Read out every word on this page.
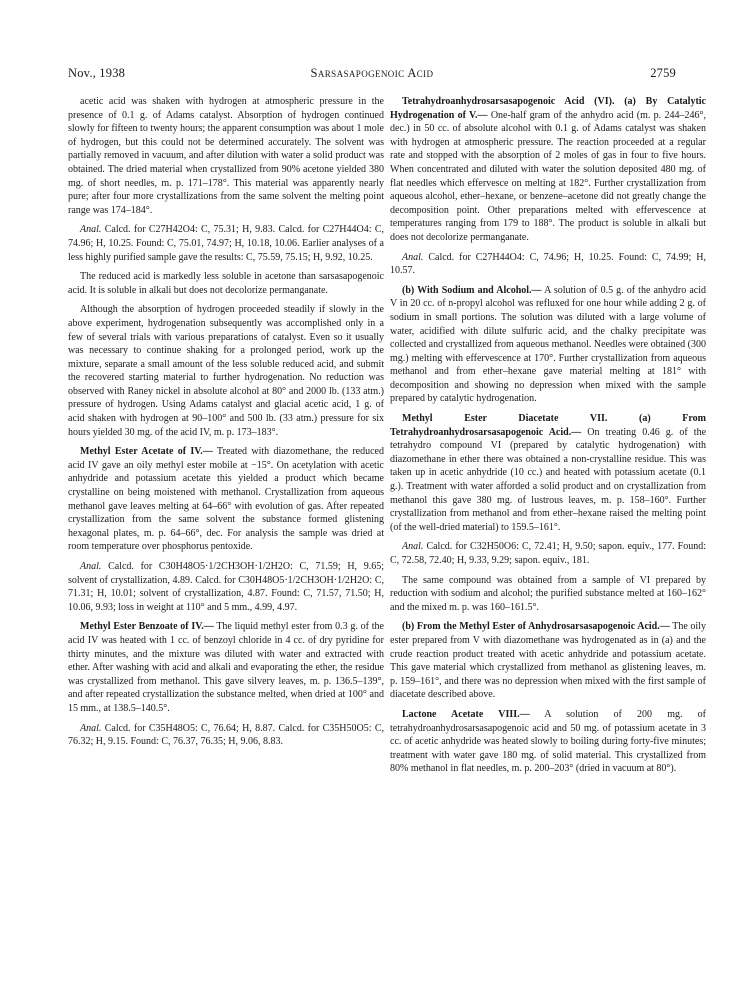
Nov., 1938	Sarsasapogenoic Acid	2759

acetic acid was shaken with hydrogen at atmospheric pressure in the presence of 0.1 g. of Adams catalyst. Absorption of hydrogen continued slowly for fifteen to twenty hours; the apparent consumption was about 1 mole of hydrogen, but this could not be determined accurately. The solvent was partially removed in vacuum, and after dilution with water a solid product was obtained. The dried material when crystallized from 90% acetone yielded 380 mg. of short needles, m. p. 171–178°. This material was apparently nearly pure; after four more crystallizations from the same solvent the melting point range was 174–184°.

Anal. Calcd. for C27H42O4: C, 75.31; H, 9.83. Calcd. for C27H44O4: C, 74.96; H, 10.25. Found: C, 75.01, 74.97; H, 10.18, 10.06. Earlier analyses of a less highly purified sample gave the results: C, 75.59, 75.15; H, 9.92, 10.25.

The reduced acid is markedly less soluble in acetone than sarsasapogenoic acid. It is soluble in alkali but does not decolorize permanganate.

Although the absorption of hydrogen proceeded steadily if slowly in the above experiment, hydrogenation subsequently was accomplished only in a few of several trials with various preparations of catalyst. Even so it usually was necessary to continue shaking for a prolonged period, work up the mixture, separate a small amount of the less soluble reduced acid, and submit the recovered starting material to further hydrogenation. No reduction was observed with Raney nickel in absolute alcohol at 80° and 2000 lb. (133 atm.) pressure of hydrogen. Using Adams catalyst and glacial acetic acid, 1 g. of acid shaken with hydrogen at 90–100° and 500 lb. (33 atm.) pressure for six hours yielded 30 mg. of the acid IV, m. p. 173–183°.

Methyl Ester Acetate of IV.— Treated with diazomethane, the reduced acid IV gave an oily methyl ester mobile at −15°. On acetylation with acetic anhydride and potassium acetate this yielded a product which became crystalline on being moistened with methanol. Crystallization from aqueous methanol gave leaves melting at 64–66° with evolution of gas. After repeated crystallization from the same solvent the substance formed glistening hexagonal plates, m. p. 64–66°, dec. For analysis the sample was dried at room temperature over phosphorus pentoxide.

Anal. Calcd. for C30H48O5·1/2CH3OH·1/2H2O: C, 71.59; H, 9.65; solvent of crystallization, 4.89. Calcd. for C30H48O5·1/2CH3OH·1/2H2O: C, 71.31; H, 10.01; solvent of crystallization, 4.87. Found: C, 71.57, 71.50; H, 10.06, 9.93; loss in weight at 110° and 5 mm., 4.99, 4.97.

Methyl Ester Benzoate of IV.— The liquid methyl ester from 0.3 g. of the acid IV was heated with 1 cc. of benzoyl chloride in 4 cc. of dry pyridine for thirty minutes, and the mixture was diluted with water and extracted with ether. After washing with acid and alkali and evaporating the ether, the residue was crystallized from methanol. This gave silvery leaves, m. p. 136.5–139°, and after repeated crystallization the substance melted, when dried at 100° and 15 mm., at 138.5–140.5°.

Anal. Calcd. for C35H48O5: C, 76.64; H, 8.87. Calcd. for C35H50O5: C, 76.32; H, 9.15. Found: C, 76.37, 76.35; H, 9.06, 8.83.

Tetrahydroanhydrosarsasapogenoic Acid (VI). (a) By Catalytic Hydrogenation of V.— One-half gram of the anhydro acid (m. p. 244–246°, dec.) in 50 cc. of absolute alcohol with 0.1 g. of Adams catalyst was shaken with hydrogen at atmospheric pressure. The reaction proceeded at a regular rate and stopped with the absorption of 2 moles of gas in four to five hours. When concentrated and diluted with water the solution deposited 480 mg. of flat needles which effervesce on melting at 182°. Further crystallization from aqueous alcohol, ether–hexane, or benzene–acetone did not greatly change the decomposition point. Other preparations melted with effervescence at temperatures ranging from 179 to 188°. The product is soluble in alkali but does not decolorize permanganate.

Anal. Calcd. for C27H44O4: C, 74.96; H, 10.25. Found: C, 74.99; H, 10.57.

(b) With Sodium and Alcohol.— A solution of 0.5 g. of the anhydro acid V in 20 cc. of n-propyl alcohol was refluxed for one hour while adding 2 g. of sodium in small portions. The solution was diluted with a large volume of water, acidified with dilute sulfuric acid, and the chalky precipitate was collected and crystallized from aqueous methanol. Needles were obtained (300 mg.) melting with effervescence at 170°. Further crystallization from aqueous methanol and from ether–hexane gave material melting at 181° with decomposition and showing no depression when mixed with the sample prepared by catalytic hydrogenation.

Methyl Ester Diacetate VII. (a) From Tetrahydroanhydrosarsasapogenoic Acid.— On treating 0.46 g. of the tetrahydro compound VI (prepared by catalytic hydrogenation) with diazomethane in ether there was obtained a non-crystalline residue. This was taken up in acetic anhydride (10 cc.) and heated with potassium acetate (0.1 g.). Treatment with water afforded a solid product and on crystallization from methanol this gave 380 mg. of lustrous leaves, m. p. 158–160°. Further crystallization from methanol and from ether–hexane raised the melting point (of the well-dried material) to 159.5–161°.

Anal. Calcd. for C32H50O6: C, 72.41; H, 9.50; sapon. equiv., 177. Found: C, 72.58, 72.40; H, 9.33, 9.29; sapon. equiv., 181.

The same compound was obtained from a sample of VI prepared by reduction with sodium and alcohol; the purified substance melted at 160–162° and the mixed m. p. was 160–161.5°.

(b) From the Methyl Ester of Anhydrosarsasapogenoic Acid.— The oily ester prepared from V with diazomethane was hydrogenated as in (a) and the crude reaction product treated with acetic anhydride and potassium acetate. This gave material which crystallized from methanol as glistening leaves, m. p. 159–161°, and there was no depression when mixed with the first sample of diacetate described above.

Lactone Acetate VIII.— A solution of 200 mg. of tetrahydroanhydrosarsasapogenoic acid and 50 mg. of potassium acetate in 3 cc. of acetic anhydride was heated slowly to boiling during forty-five minutes; treatment with water gave 180 mg. of solid material. This crystallized from 80% methanol in flat needles, m. p. 200–203° (dried in vacuum at 80°).
